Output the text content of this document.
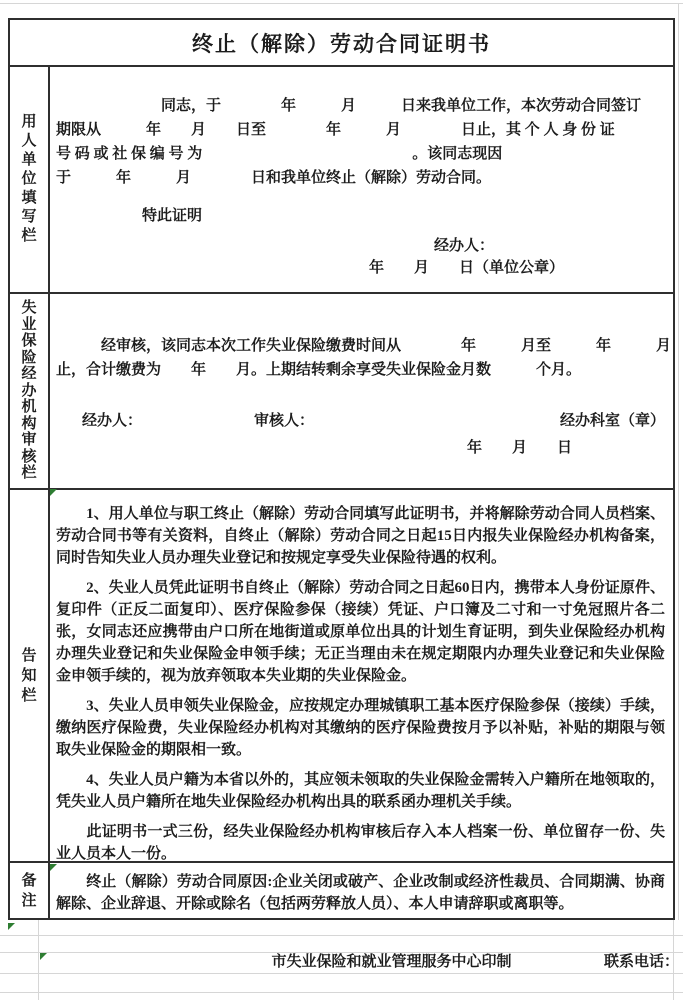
终止（解除）劳动合同证明书
用人单位填写栏
　　　　　　　同志，于　　　　年　　　月　　　日来我单位工作，本次劳动合同签订
期限从　　　年　　月　　日至　　　　年　　　月　　　　日止，其 个 人 身 份 证
号 码 或 社 保 编 号 为　　　　　　　　　　　　　　。该同志现因
于　　　年　　　月　　　　日和我单位终止（解除）劳动合同。
特此证明
经办人：
年　　月　　日（单位公章）
失业保险经办机构审核栏
　　　经审核，该同志本次工作失业保险缴费时间从　　　　年　　　月至　　　年　　　月
止，合计缴费为　　年　　月。上期结转剩余享受失业保险金月数　　　个月。
经办人：	审核人：	经办科室（章）
年　　月　　日
告知栏

　　1、用人单位与职工终止（解除）劳动合同填写此证明书，并将解除劳动合同人员档案、劳动合同书等有关资料，自终止（解除）劳动合同之日起15日内报失业保险经办机构备案，同时告知失业人员办理失业登记和按规定享受失业保险待遇的权利。

　　2、失业人员凭此证明书自终止（解除）劳动合同之日起60日内，携带本人身份证原件、复印件（正反二面复印）、医疗保险参保（接续）凭证、户口簿及二寸和一寸免冠照片各二张，女同志还应携带由户口所在地街道或原单位出具的计划生育证明，到失业保险经办机构办理失业登记和失业保险金申领手续；无正当理由未在规定期限内办理失业登记和失业保险金申领手续的，视为放弃领取本失业期的失业保险金。

　　3、失业人员申领失业保险金，应按规定办理城镇职工基本医疗保险参保（接续）手续，缴纳医疗保险费，失业保险经办机构对其缴纳的医疗保险费按月予以补贴，补贴的期限与领取失业保险金的期限相一致。

　　4、失业人员户籍为本省以外的，其应领未领取的失业保险金需转入户籍所在地领取的，凭失业人员户籍所在地失业保险经办机构出具的联系函办理机关手续。

　　此证明书一式三份，经失业保险经办机构审核后存入本人档案一份、单位留存一份、失业人员本人一份。

备注

　　终止（解除）劳动合同原因:企业关闭或破产、企业改制或经济性裁员、合同期满、协商解除、企业辞退、开除或除名（包括两劳释放人员）、本人申请辞职或离职等。

市失业保险和就业管理服务中心印制	联系电话：
